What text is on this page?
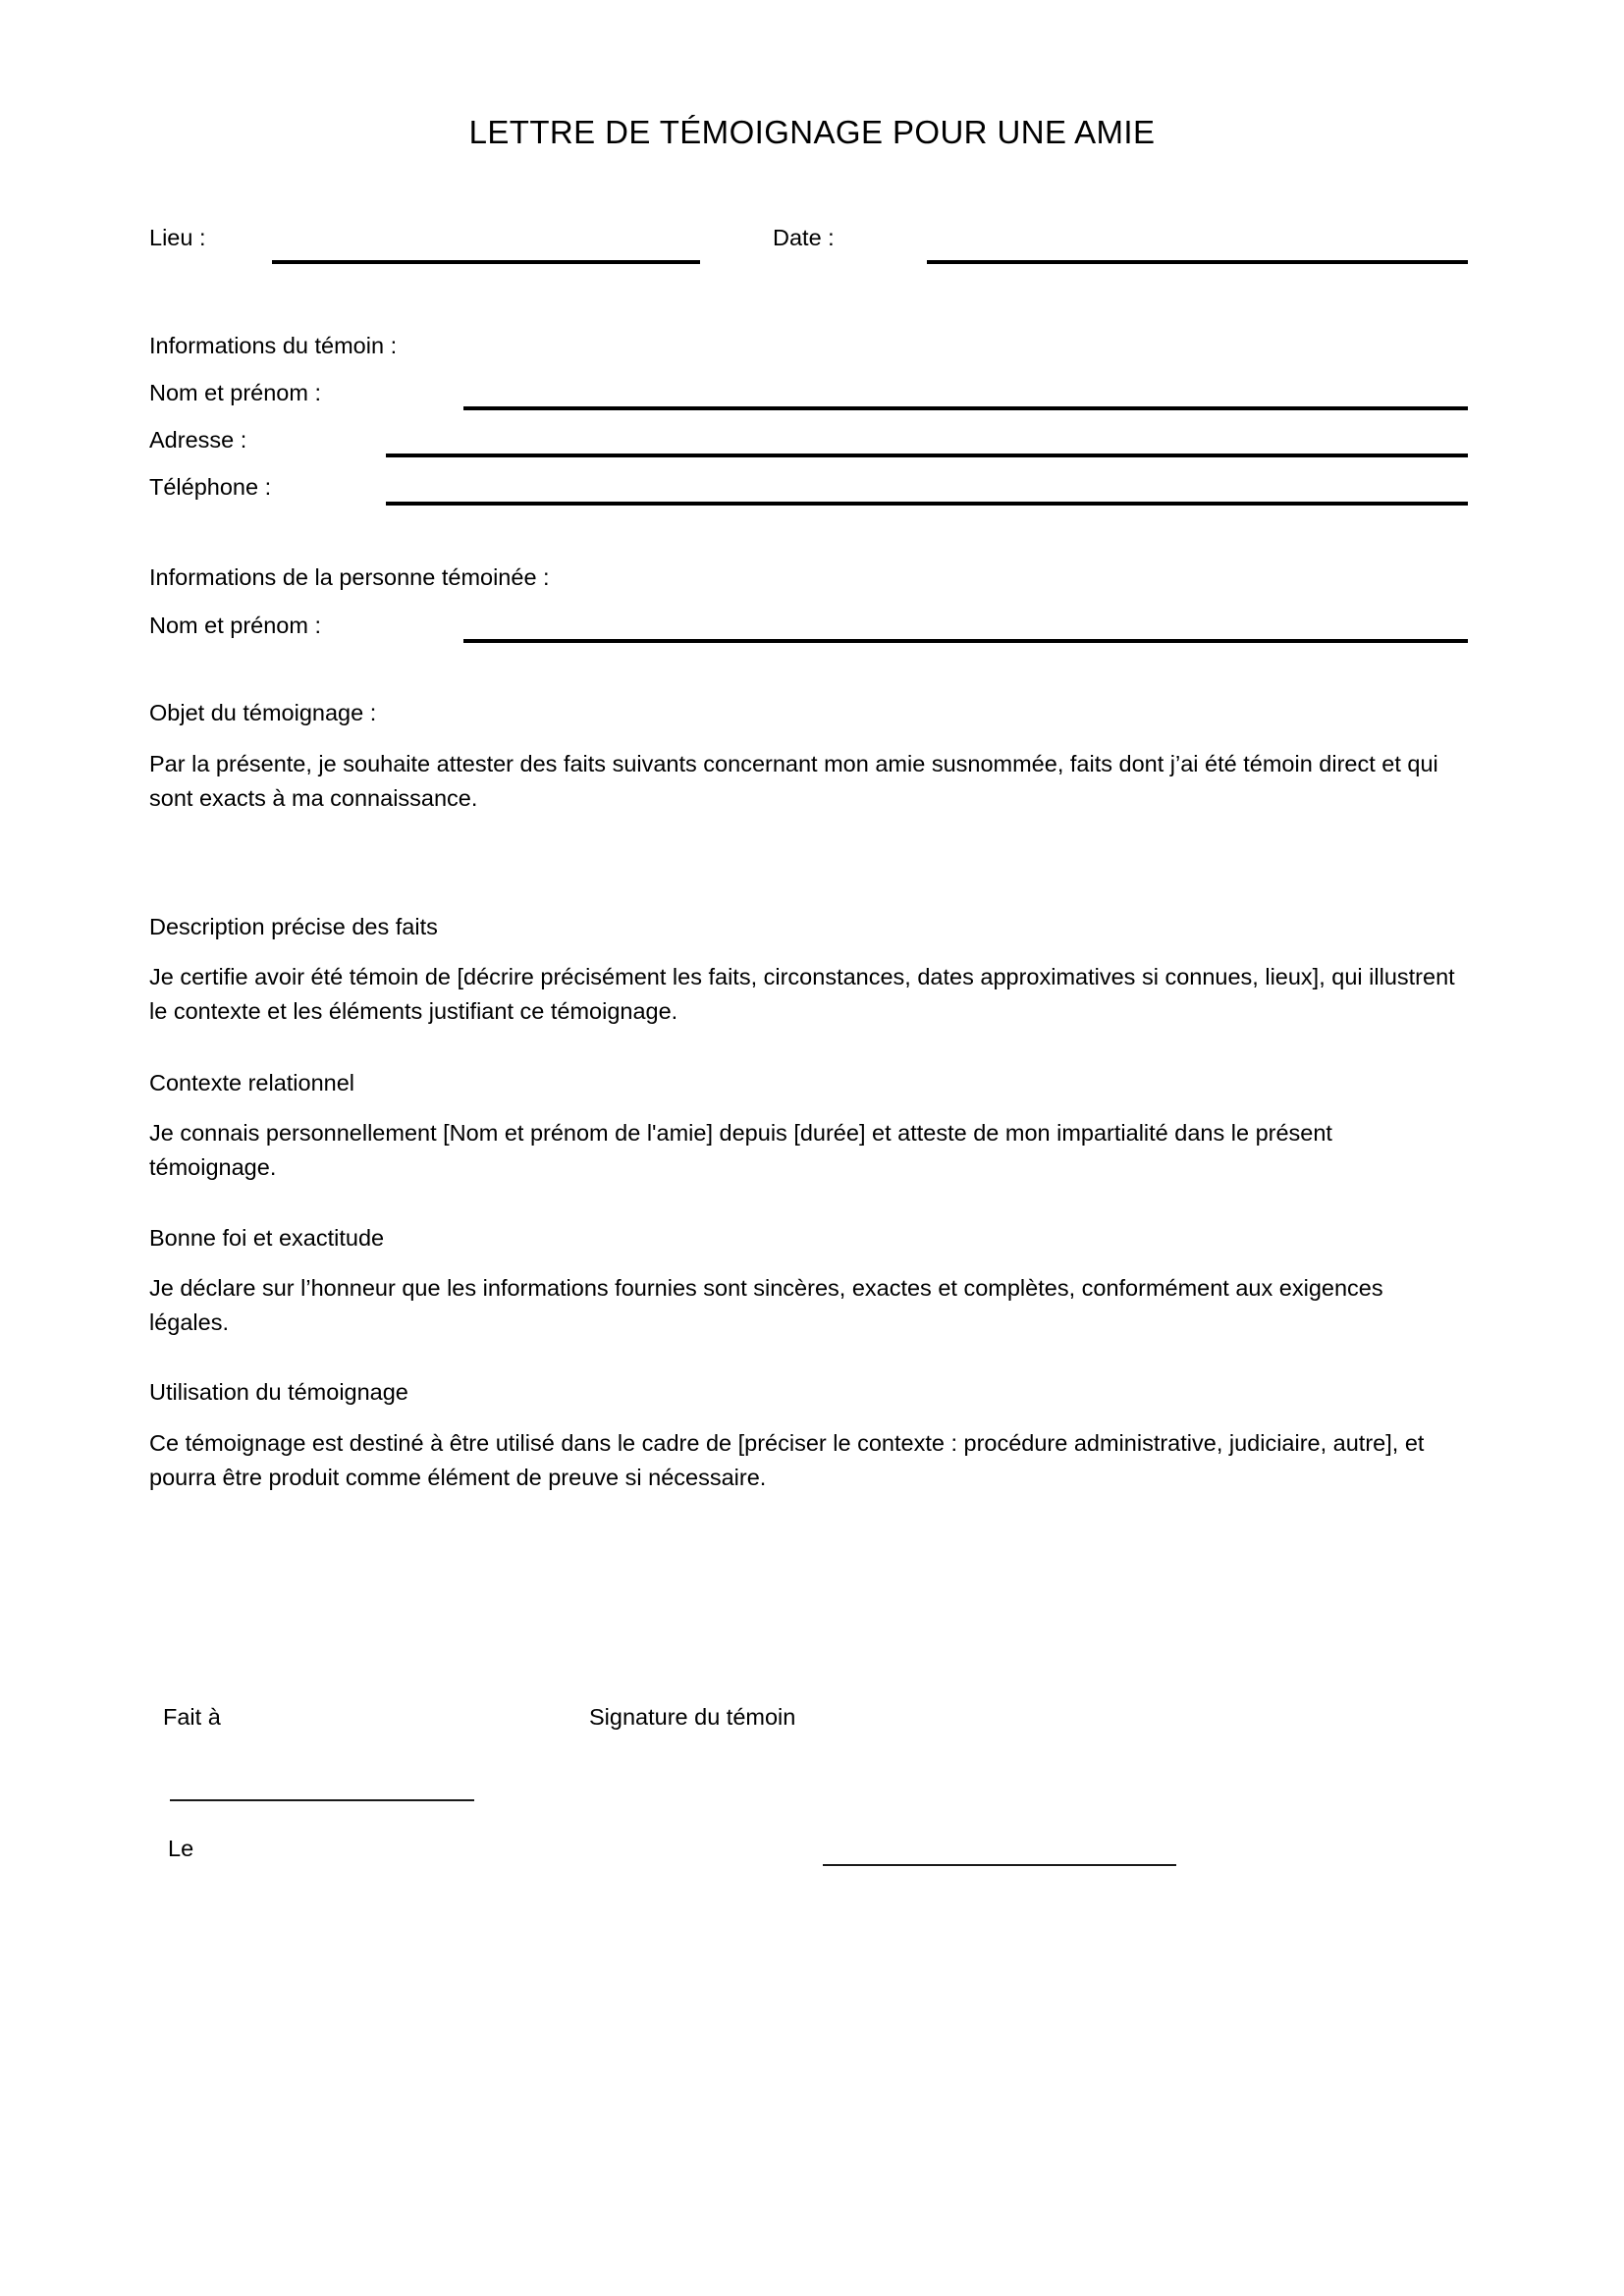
LETTRE DE TÉMOIGNAGE POUR UNE AMIE
Lieu :	Date :
Informations du témoin :
Nom et prénom :
Adresse :
Téléphone :
Informations de la personne témoinée :
Nom et prénom :
Objet du témoignage :
Par la présente, je souhaite attester des faits suivants concernant mon amie susnommée, faits dont j’ai été témoin direct et qui sont exacts à ma connaissance.
Description précise des faits
Je certifie avoir été témoin de [décrire précisément les faits, circonstances, dates approximatives si connues, lieux], qui illustrent le contexte et les éléments justifiant ce témoignage.
Contexte relationnel
Je connais personnellement [Nom et prénom de l'amie] depuis [durée] et atteste de mon impartialité dans le présent témoignage.
Bonne foi et exactitude
Je déclare sur l’honneur que les informations fournies sont sincères, exactes et complètes, conformément aux exigences légales.
Utilisation du témoignage
Ce témoignage est destiné à être utilisé dans le cadre de [préciser le contexte : procédure administrative, judiciaire, autre], et pourra être produit comme élément de preuve si nécessaire.
Fait à
Le
Signature du témoin
